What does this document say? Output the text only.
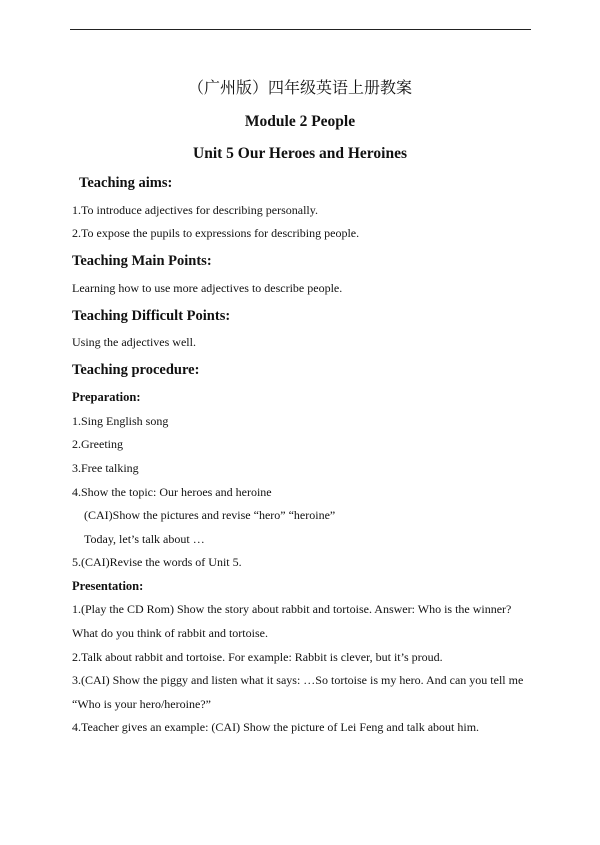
（广州版）四年级英语上册教案
Module 2 People
Unit 5 Our Heroes and Heroines
Teaching aims:
1.To introduce adjectives for describing personally.
2.To expose the pupils to expressions for describing people.
Teaching Main Points:
Learning how to use more adjectives to describe people.
Teaching Difficult Points:
Using the adjectives well.
Teaching procedure:
Preparation:
1.Sing English song
2.Greeting
3.Free talking
4.Show the topic: Our heroes and heroine
(CAI)Show the pictures and revise “hero” “heroine”
Today, let’s talk about …
5.(CAI)Revise the words of Unit 5.
Presentation:
1.(Play the CD Rom) Show the story about rabbit and tortoise. Answer: Who is the winner?
What do you think of rabbit and tortoise.
2.Talk about rabbit and tortoise. For example: Rabbit is clever, but it’s proud.
3.(CAI) Show the piggy and listen what it says: …So tortoise is my hero. And can you tell me
“Who is your hero/heroine?”
4.Teacher gives an example: (CAI) Show the picture of Lei Feng and talk about him.
